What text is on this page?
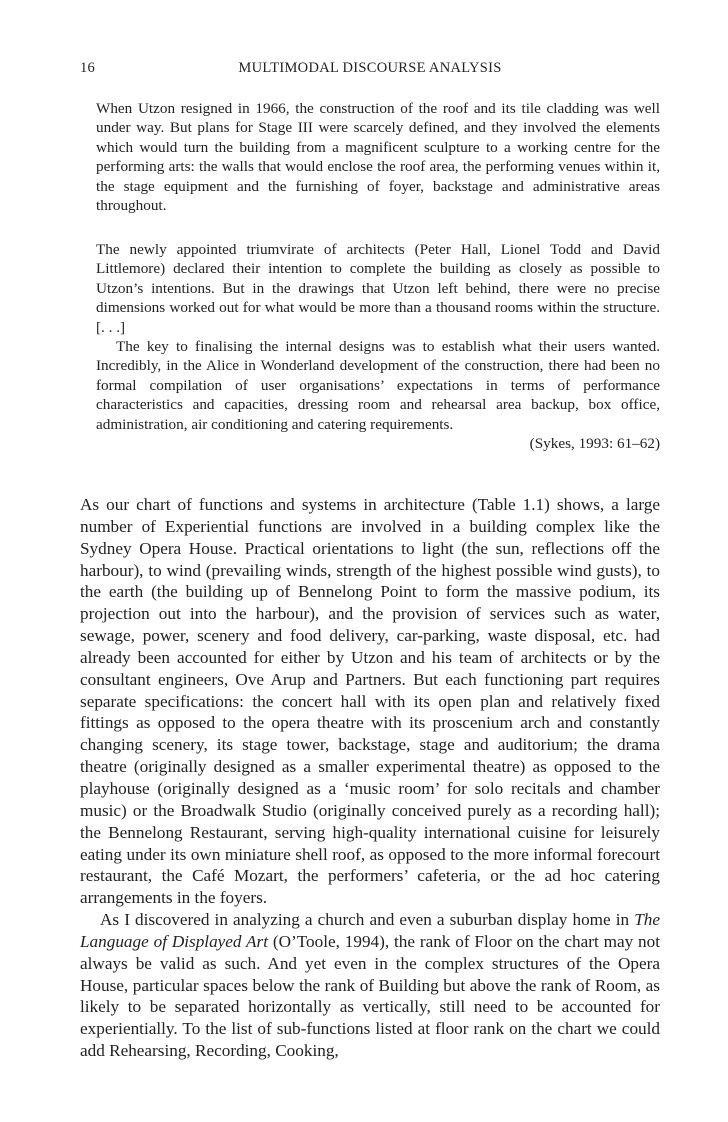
16	MULTIMODAL DISCOURSE ANALYSIS

When Utzon resigned in 1966, the construction of the roof and its tile cladding was well under way. But plans for Stage III were scarcely defined, and they involved the elements which would turn the building from a magnificent sculpture to a working centre for the performing arts: the walls that would enclose the roof area, the performing venues within it, the stage equipment and the furnishing of foyer, backstage and administrative areas throughout.

The newly appointed triumvirate of architects (Peter Hall, Lionel Todd and David Littlemore) declared their intention to complete the building as closely as possible to Utzon’s intentions. But in the drawings that Utzon left behind, there were no precise dimensions worked out for what would be more than a thousand rooms within the structure. [. . .]

The key to finalising the internal designs was to establish what their users wanted. Incredibly, in the Alice in Wonderland development of the construction, there had been no formal compilation of user organisations’ expectations in terms of performance characteristics and capacities, dressing room and rehearsal area backup, box office, administration, air conditioning and catering requirements.

(Sykes, 1993: 61–62)

As our chart of functions and systems in architecture (Table 1.1) shows, a large number of Experiential functions are involved in a building complex like the Sydney Opera House. Practical orientations to light (the sun, reflections off the harbour), to wind (prevailing winds, strength of the highest possible wind gusts), to the earth (the building up of Bennelong Point to form the massive podium, its projection out into the harbour), and the provision of services such as water, sewage, power, scenery and food delivery, car-parking, waste disposal, etc. had already been accounted for either by Utzon and his team of architects or by the consultant engineers, Ove Arup and Partners. But each functioning part requires separate specifications: the concert hall with its open plan and relatively fixed fittings as opposed to the opera theatre with its proscenium arch and constantly changing scenery, its stage tower, backstage, stage and auditorium; the drama theatre (originally designed as a smaller experimental theatre) as opposed to the playhouse (originally designed as a ‘music room’ for solo recitals and chamber music) or the Broadwalk Studio (originally conceived purely as a recording hall); the Bennelong Restaurant, serving high-quality international cuisine for leisurely eating under its own miniature shell roof, as opposed to the more informal forecourt restaurant, the Café Mozart, the performers’ cafeteria, or the ad hoc catering arrangements in the foyers.

As I discovered in analyzing a church and even a suburban display home in The Language of Displayed Art (O’Toole, 1994), the rank of Floor on the chart may not always be valid as such. And yet even in the complex structures of the Opera House, particular spaces below the rank of Building but above the rank of Room, as likely to be separated horizontally as vertically, still need to be accounted for experientially. To the list of sub-functions listed at floor rank on the chart we could add Rehearsing, Recording, Cooking,
